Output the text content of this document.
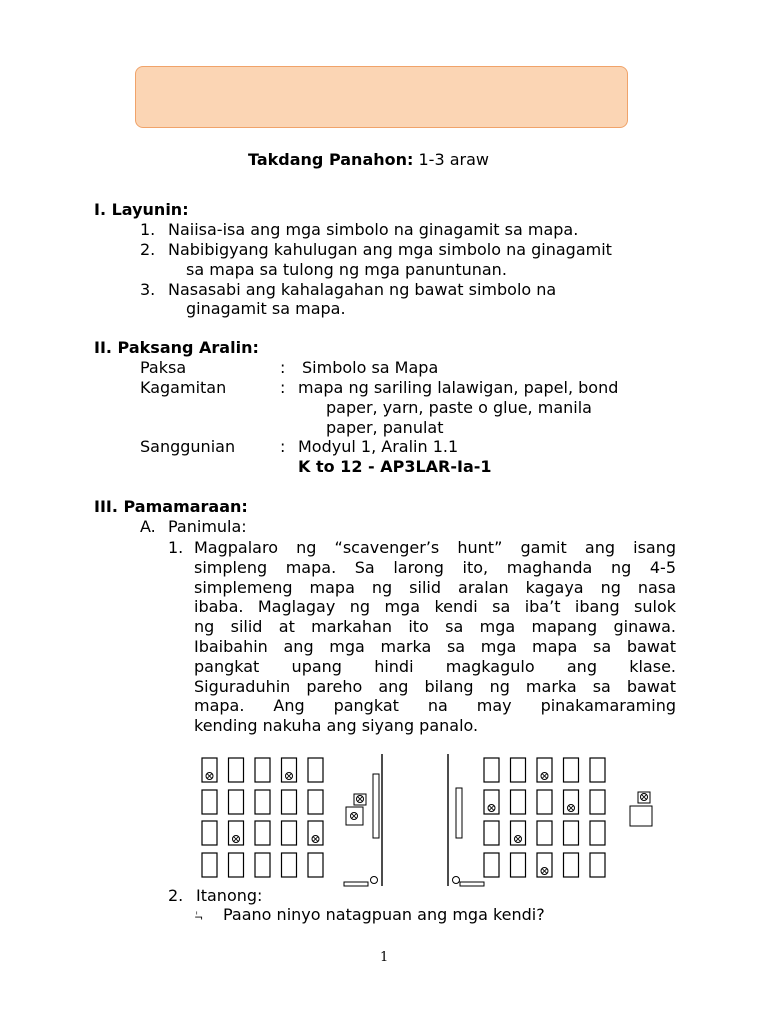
Takdang Panahon: 1-3 araw
I. Layunin:
1. Naiisa-isa ang mga simbolo na ginagamit sa mapa.
2. Nabibigyang kahulugan ang mga simbolo na ginagamit
sa mapa sa tulong ng mga panuntunan.
3. Nasasabi ang kahalagahan ng bawat simbolo na
ginagamit sa mapa.
II. Paksang Aralin:
Paksa	: Simbolo sa Mapa
Kagamitan	: mapa ng sariling lalawigan, papel, bond
paper, yarn, paste o glue, manila
paper, panulat
Sanggunian	: Modyul 1, Aralin 1.1
K to 12 - AP3LAR-Ia-1
III. Pamamaraan:
A. Panimula:
1. Magpalaro ng “scavenger’s hunt” gamit ang isang
simpleng mapa. Sa larong ito, maghanda ng 4-5
simplemeng mapa ng silid aralan kagaya ng nasa
ibaba. Maglagay ng mga kendi sa iba’t ibang sulok
ng silid at markahan ito sa mga mapang ginawa.
Ibaibahin ang mga marka sa mga mapa sa bawat
pangkat upang hindi magkagulo ang klase.
Siguraduhin pareho ang bilang ng marka sa bawat
mapa. Ang pangkat na may pinakamaraming
kending nakuha ang siyang panalo.
2. Itanong:
¬ٰ Paano ninyo natagpuan ang mga kendi?
1
